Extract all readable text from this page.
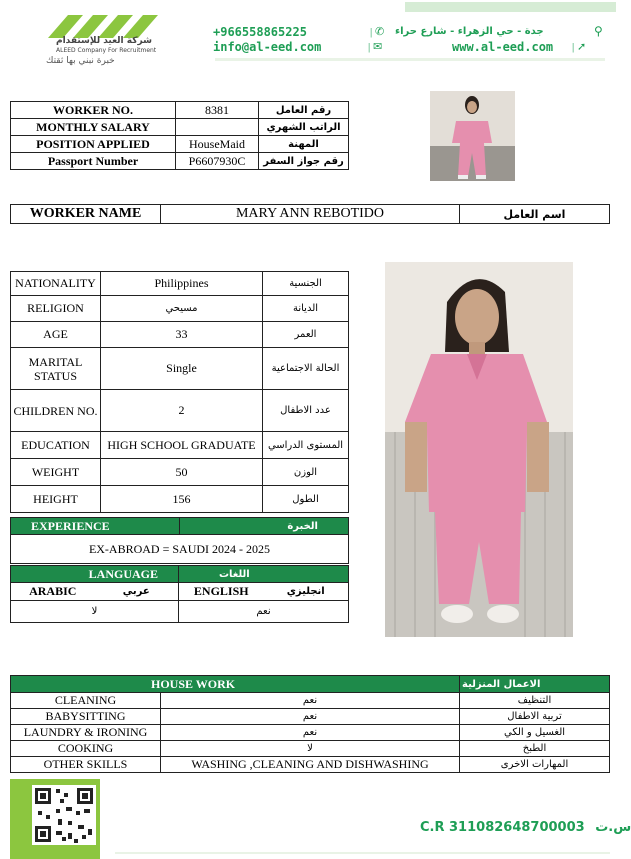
شركة العيد للإستقدام
ALEED Company For Recruitment
خبرة نبني بها ثقتك
+966558865225	| ✆ جدة - حي الزهراء - شارع حراء	⚲
info@al-eed.com	| ✉	www.al-eed.com | ➚
WORKER NO.	8381	رقم العامل
MONTHLY SALARY		الراتب الشهري
POSITION APPLIED	HouseMaid	المهنة
Passport Number	P6607930C	رقم جواز السفر
WORKER NAME	MARY ANN REBOTIDO	اسم العامل
NATIONALITY	Philippines	الجنسية
RELIGION	مسيحي	الديانة
AGE	33	العمر
MARITAL STATUS	Single	الحالة الاجتماعية
CHILDREN NO.	2	عدد الاطفال
EDUCATION	HIGH SCHOOL GRADUATE	المستوى الدراسي
WEIGHT	50	الوزن
HEIGHT	156	الطول
EXPERIENCE	الخبرة
EX-ABROAD = SAUDI 2024 - 2025
LANGUAGE		اللغات	
ARABIC	عربي	ENGLISH	انجليزي
لا		نعم	
HOUSE WORK		الاعمال المنزلية
CLEANING	نعم	التنظيف
BABYSITTING	نعم	تربية الاطفال
LAUNDRY & IRONING	نعم	الغسيل و الكي
COOKING	لا	الطبخ
OTHER SKILLS	WASHING ,CLEANING AND DISHWASHING	المهارات الاخرى
C.R 311082648700003 س.ت
